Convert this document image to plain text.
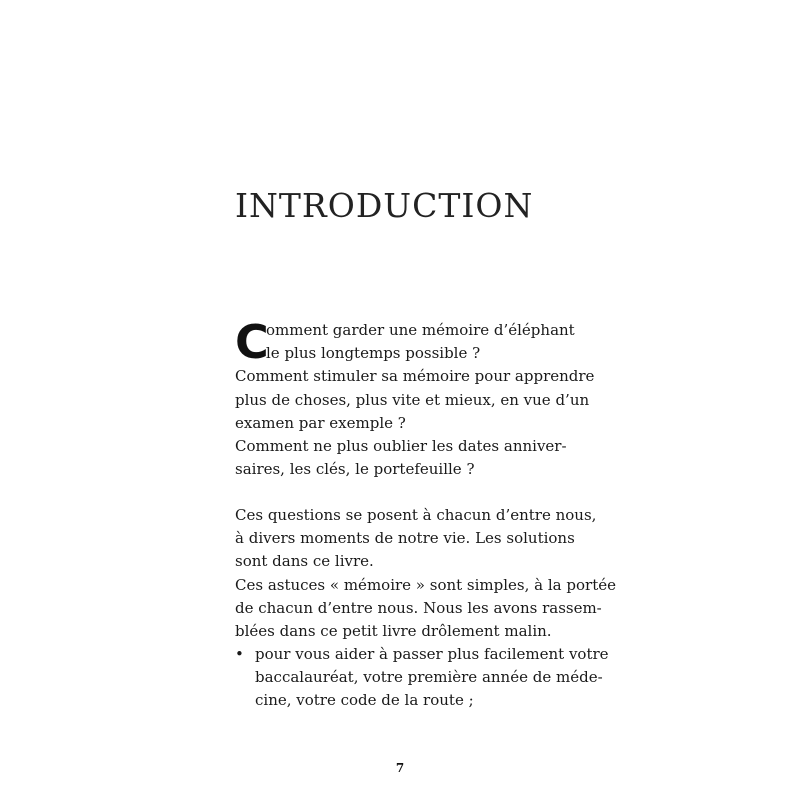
INTRODUCTION
C
omment garder une mémoire d’éléphant
le plus longtemps possible ?
Comment stimuler sa mémoire pour apprendre
plus de choses, plus vite et mieux, en vue d’un
examen par exemple ?
Comment ne plus oublier les dates anniver-
saires, les clés, le portefeuille ?
Ces questions se posent à chacun d’entre nous,
à divers moments de notre vie. Les solutions
sont dans ce livre.
Ces astuces « mémoire » sont simples, à la portée
de chacun d’entre nous. Nous les avons rassem-
blées dans ce petit livre drôlement malin.
• pour vous aider à passer plus facilement votre
baccalauréat, votre première année de méde-
cine, votre code de la route ;
7
